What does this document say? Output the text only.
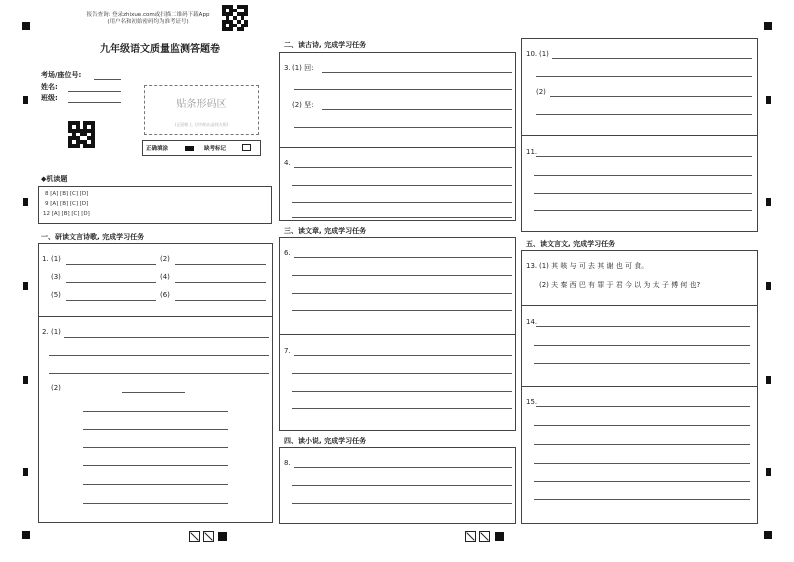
报告查询: 登录zhixue.com或扫描二维码下载App
(用户名和初始密码均为准考证号)
九年级语文质量监测答题卷
考场/座位号:
姓名:
班级:
贴条形码区
(正面朝上, 切勿贴出虚线方框)
正确填涂	缺考标记
◆机读题
8 [A] [B] [C] [D]
9 [A] [B] [C] [D]
12 [A] [B] [C] [D]
一、研读文言诗歌, 完成学习任务
1. (1)	(2)
(3)	(4)
(5)	(6)
2. (1)
(2)
二、读古诗, 完成学习任务
3. (1) 回:
(2) 坚:
4.
三、读文章, 完成学习任务
6.
7.
四、读小说, 完成学习任务
8.
10. (1)
(2)
11.
五、读文言文, 完成学习任务
13. (1) 其 咳 与 可 去 其 谢 也 可 食。
(2) 夫 秦 西 巴 有 罪 于 君 今 以 为 太 子 傅 何 也?
14.
15.
